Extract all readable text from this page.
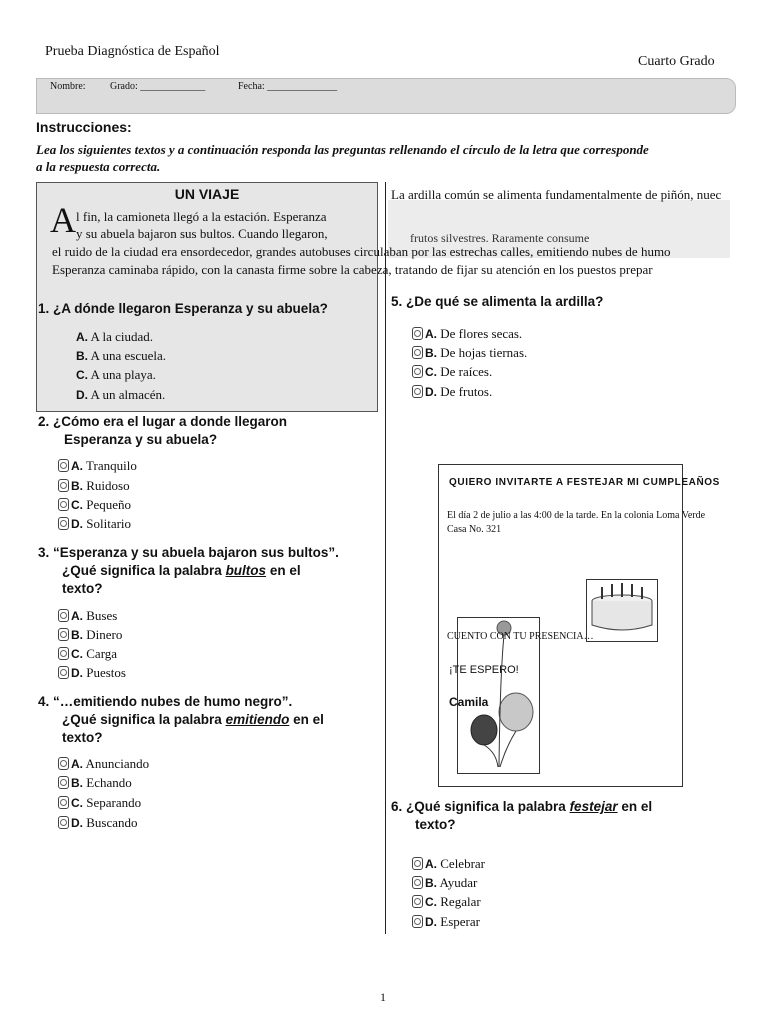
Prueba Diagnóstica de Español
Cuarto Grado
Nombre: Grado: _____________	Fecha: ______________
Instrucciones:
Lea los siguientes textos y a continuación responda las preguntas rellenando el círculo de la letra que corresponde
a la respuesta correcta.
UN VIAJE
A l fin, la camioneta llegó a la estación. Esperanza
y su abuela bajaron sus bultos. Cuando llegaron,
La ardilla común se alimenta fundamentalmente de piñón, nuec
frutos silvestres. Raramente consume
el ruido de la ciudad era ensordecedor, grandes autobuses circulaban por las estrechas calles, emitiendo nubes de humo
Esperanza caminaba rápido, con la canasta firme sobre la cabeza, tratando de fijar su atención en los puestos prepar
1. ¿A dónde llegaron Esperanza y su abuela?
A. A la ciudad.
B. A una escuela.
C. A una playa.
D. A un almacén.
2. ¿Cómo era el lugar a donde llegaron
Esperanza y su abuela?
A. Tranquilo
B. Ruidoso
C. Pequeño
D. Solitario
3. “Esperanza y su abuela bajaron sus bultos”.
¿Qué significa la palabra bultos en el
texto?
A. Buses
B. Dinero
C. Carga
D. Puestos
4. “…emitiendo nubes de humo negro”.
¿Qué significa la palabra emitiendo en el
texto?
A. Anunciando
B. Echando
C. Separando
D. Buscando
5. ¿De qué se alimenta la ardilla?
A. De flores secas.
B. De hojas tiernas.
C. De raíces.
D. De frutos.
QUIERO INVITARTE A FESTEJAR MI CUMPLEAÑOS
El día 2 de julio a las 4:00 de la tarde. En la colonia Loma Verde
Casa No. 321
CUENTO CON TU PRESENCIA…
¡TE ESPERO!
Camila
6. ¿Qué significa la palabra festejar en el
texto?
A. Celebrar
B. Ayudar
C. Regalar
D. Esperar
1
